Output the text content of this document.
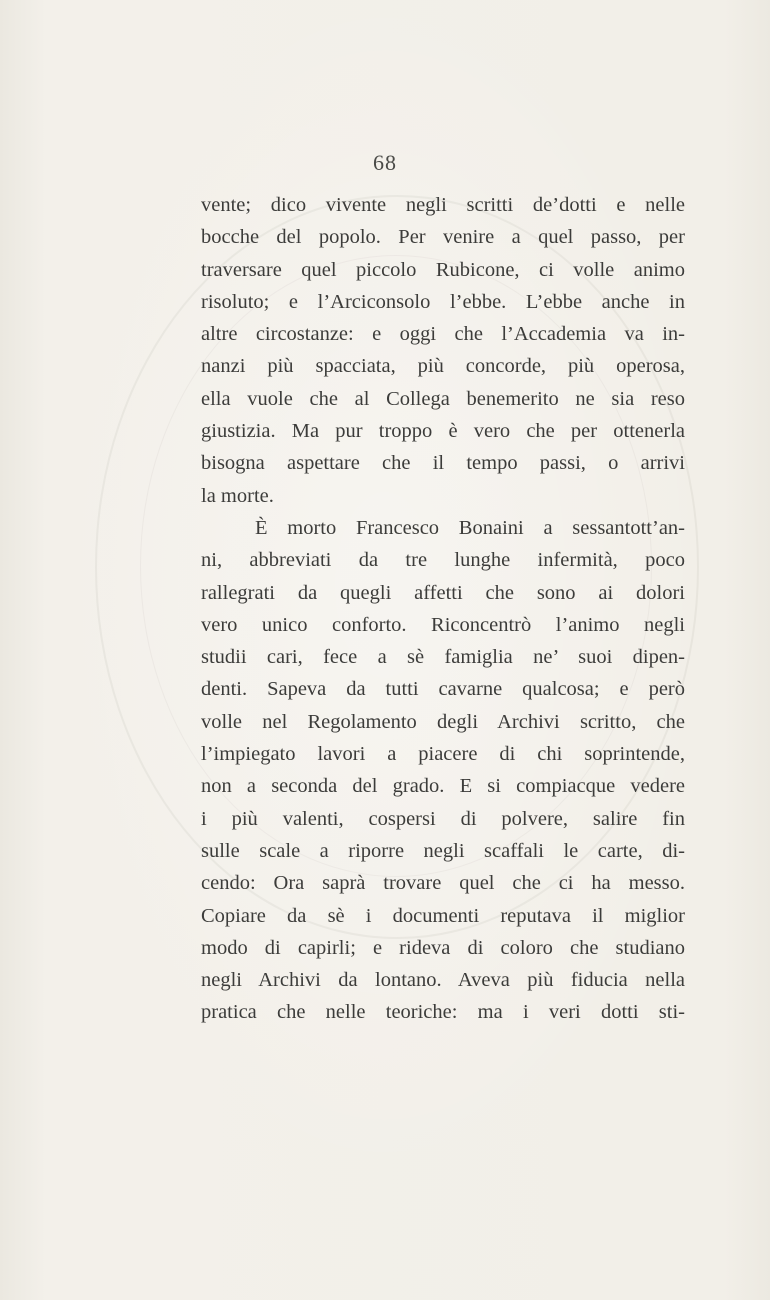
68
vente; dico vivente negli scritti de’dotti e nelle
bocche del popolo. Per venire a quel passo, per
traversare quel piccolo Rubicone, ci volle animo
risoluto; e l’Arciconsolo l’ebbe. L’ebbe anche in
altre circostanze: e oggi che l’Accademia va in-
nanzi più spacciata, più concorde, più operosa,
ella vuole che al Collega benemerito ne sia reso
giustizia. Ma pur troppo è vero che per ottenerla
bisogna aspettare che il tempo passi, o arrivi
la morte.
È morto Francesco Bonaini a sessantott’an-
ni, abbreviati da tre lunghe infermità, poco
rallegrati da quegli affetti che sono ai dolori
vero unico conforto. Riconcentrò l’animo negli
studii cari, fece a sè famiglia ne’ suoi dipen-
denti. Sapeva da tutti cavarne qualcosa; e però
volle nel Regolamento degli Archivi scritto, che
l’impiegato lavori a piacere di chi soprintende,
non a seconda del grado. E si compiacque vedere
i più valenti, cospersi di polvere, salire fin
sulle scale a riporre negli scaffali le carte, di-
cendo: Ora saprà trovare quel che ci ha messo.
Copiare da sè i documenti reputava il miglior
modo di capirli; e rideva di coloro che studiano
negli Archivi da lontano. Aveva più fiducia nella
pratica che nelle teoriche: ma i veri dotti sti-
